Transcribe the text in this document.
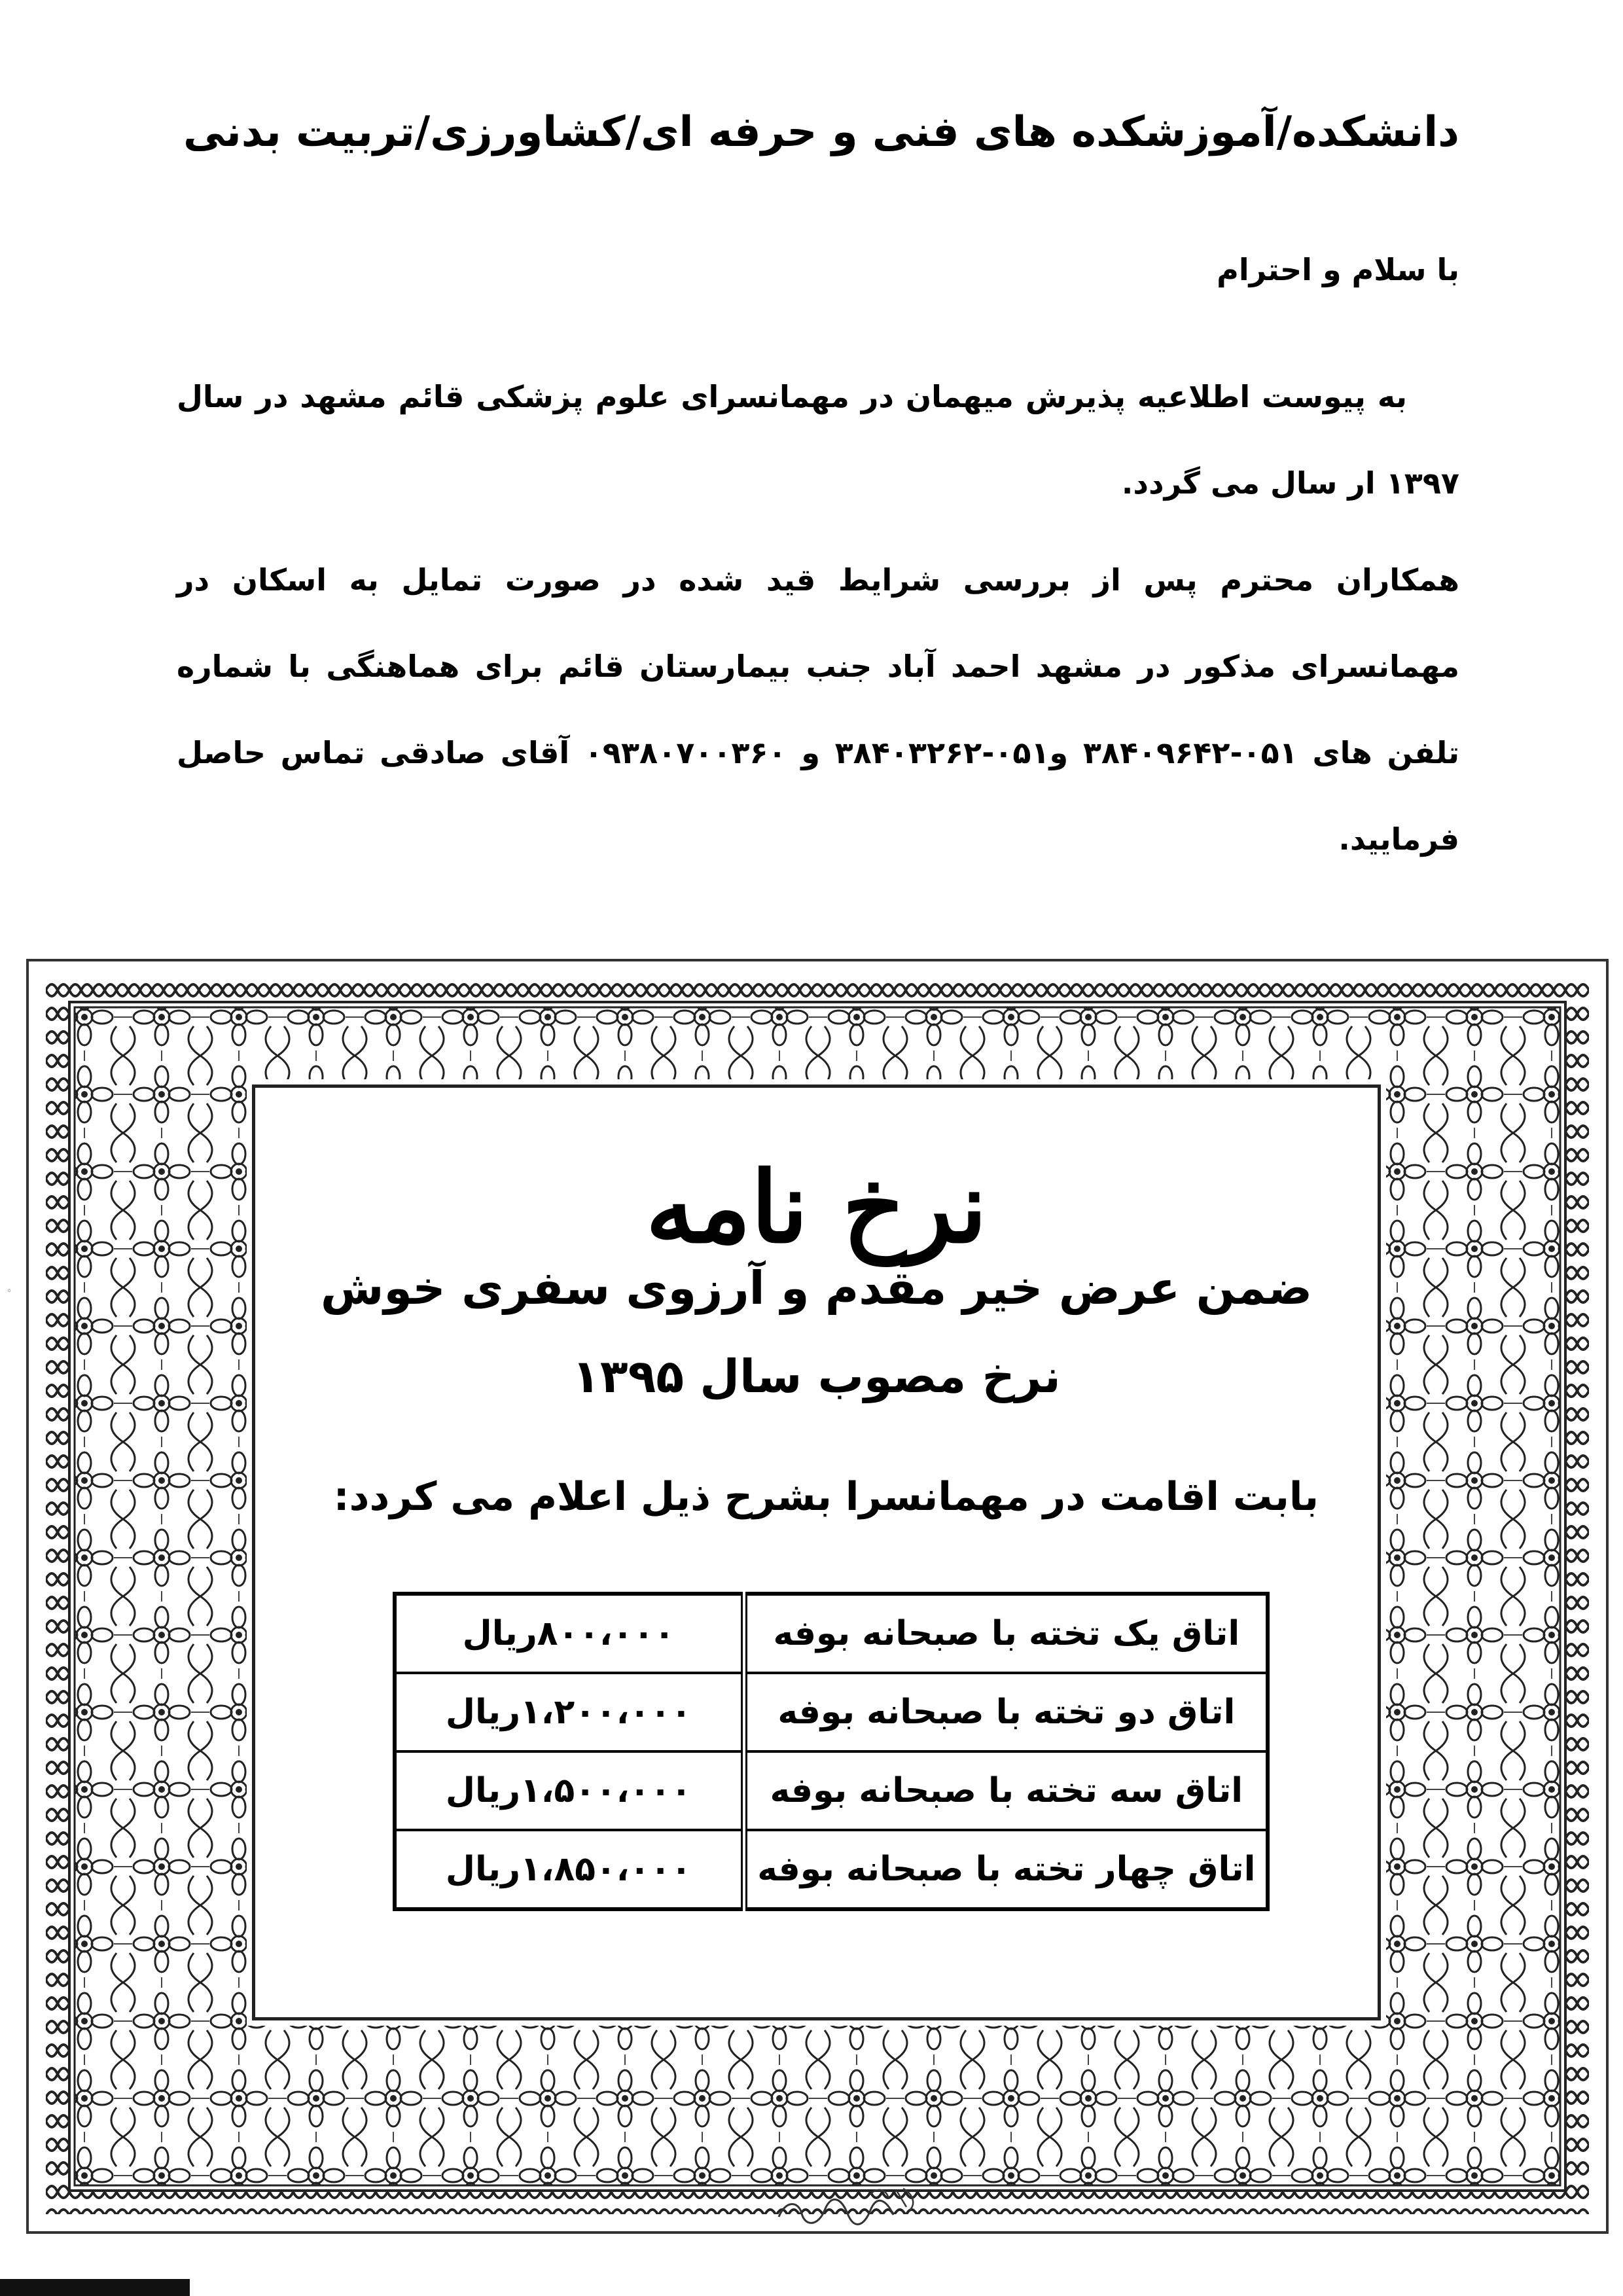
دانشکده/آموزشکده های فنی و حرفه ای/کشاورزی/تربیت بدنی
با سلام و احترام
به پیوست اطلاعیه پذیرش میهمان در مهمانسرای علوم پزشکی قائم مشهد در سال ۱۳۹۷ ار سال می گردد.
همکاران محترم پس از بررسی شرایط قید شده در صورت تمایل به اسکان در مهمانسرای مذکور در مشهد احمد آباد جنب بیمارستان قائم برای هماهنگی با شماره تلفن های ۰۵۱-۳۸۴۰۹۶۴۲ و۰۵۱-۳۸۴۰۳۲۶۲ و ۰۹۳۸۰۷۰۰۳۶۰ آقای صادقی تماس حاصل فرمایید.
نرخ نامه
ضمن عرض خیر مقدم و آرزوی سفری خوش
نرخ مصوب سال ۱۳۹۵
بابت اقامت در مهمانسرا بشرح ذیل اعلام می کردد:
اتاق یک تخته با صبحانه بوفه	۸۰۰،۰۰۰ریال
اتاق دو تخته با صبحانه بوفه	۱،۲۰۰،۰۰۰ریال
اتاق سه تخته با صبحانه بوفه	۱،۵۰۰،۰۰۰ریال
اتاق چهار تخته با صبحانه بوفه	۱،۸۵۰،۰۰۰ریال
◦
